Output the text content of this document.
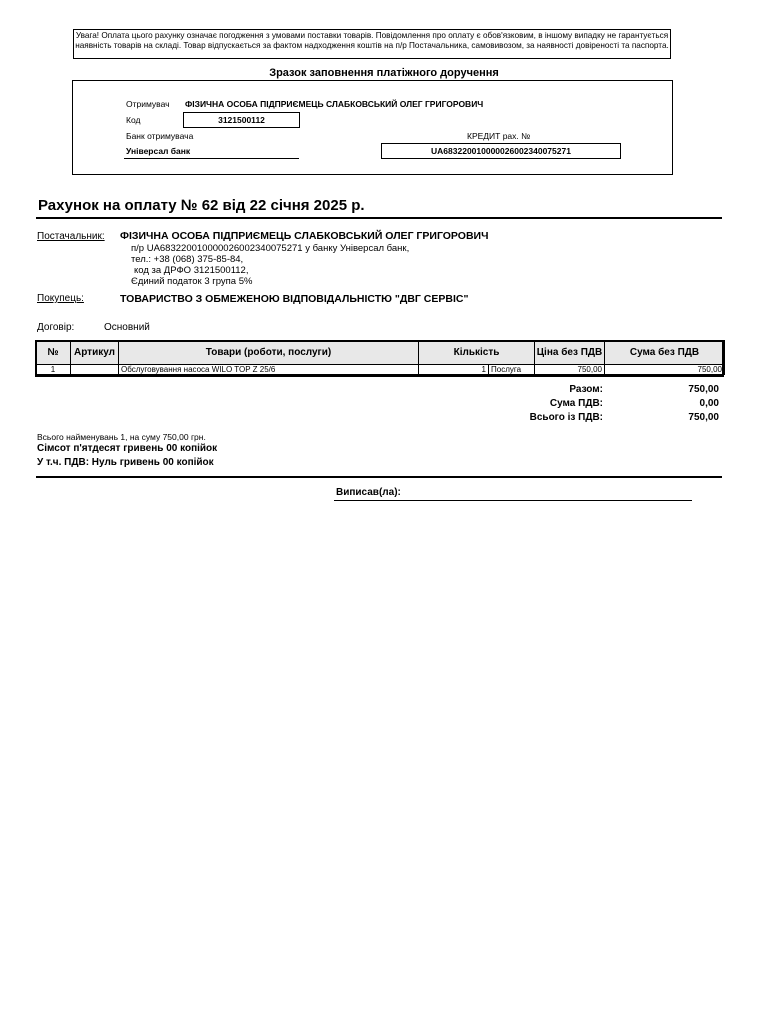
Увага! Оплата цього рахунку означає погодження з умовами поставки товарів. Повідомлення про оплату є обов'язковим, в іншому випадку не гарантується наявність товарів на складі. Товар відпускається за фактом надходження коштів на п/р Постачальника, самовивозом, за наявності довіреності та паспорта.
Зразок заповнення платіжного доручення
Отримувач ФІЗИЧНА ОСОБА ПІДПРИЄМЕЦЬ СЛАБКОВСЬКИЙ ОЛЕГ ГРИГОРОВИЧ
Код	3121500112
Банк отримувача
Універсал банк
КРЕДИТ рах. №
UA683220010000026002340075271
Рахунок на оплату № 62 від 22 січня 2025 р.
Постачальник: ФІЗИЧНА ОСОБА ПІДПРИЄМЕЦЬ СЛАБКОВСЬКИЙ ОЛЕГ ГРИГОРОВИЧ
п/р UA683220010000026002340075271 у банку Універсал банк,
тел.: +38 (068) 375-85-84,
код за ДРФО 3121500112,
Єдиний податок 3 група 5%
Покупець:	ТОВАРИСТВО З ОБМЕЖЕНОЮ ВІДПОВІДАЛЬНІСТЮ "ДВГ СЕРВІС"
Договір:	Основний
№	Артикул	Товари (роботи, послуги)	Кількість		Ціна без ПДВ	Сума без ПДВ
1		Обслуговування насоса WILO TOP Z 25/6	1	Послуга	750,00	750,00
Разом:	750,00
Сума ПДВ:	0,00
Всього із ПДВ:	750,00
Всього найменувань 1, на суму 750,00 грн.
Сімсот п'ятдесят гривень 00 копійок
У т.ч. ПДВ: Нуль гривень 00 копійок
Виписав(ла):
